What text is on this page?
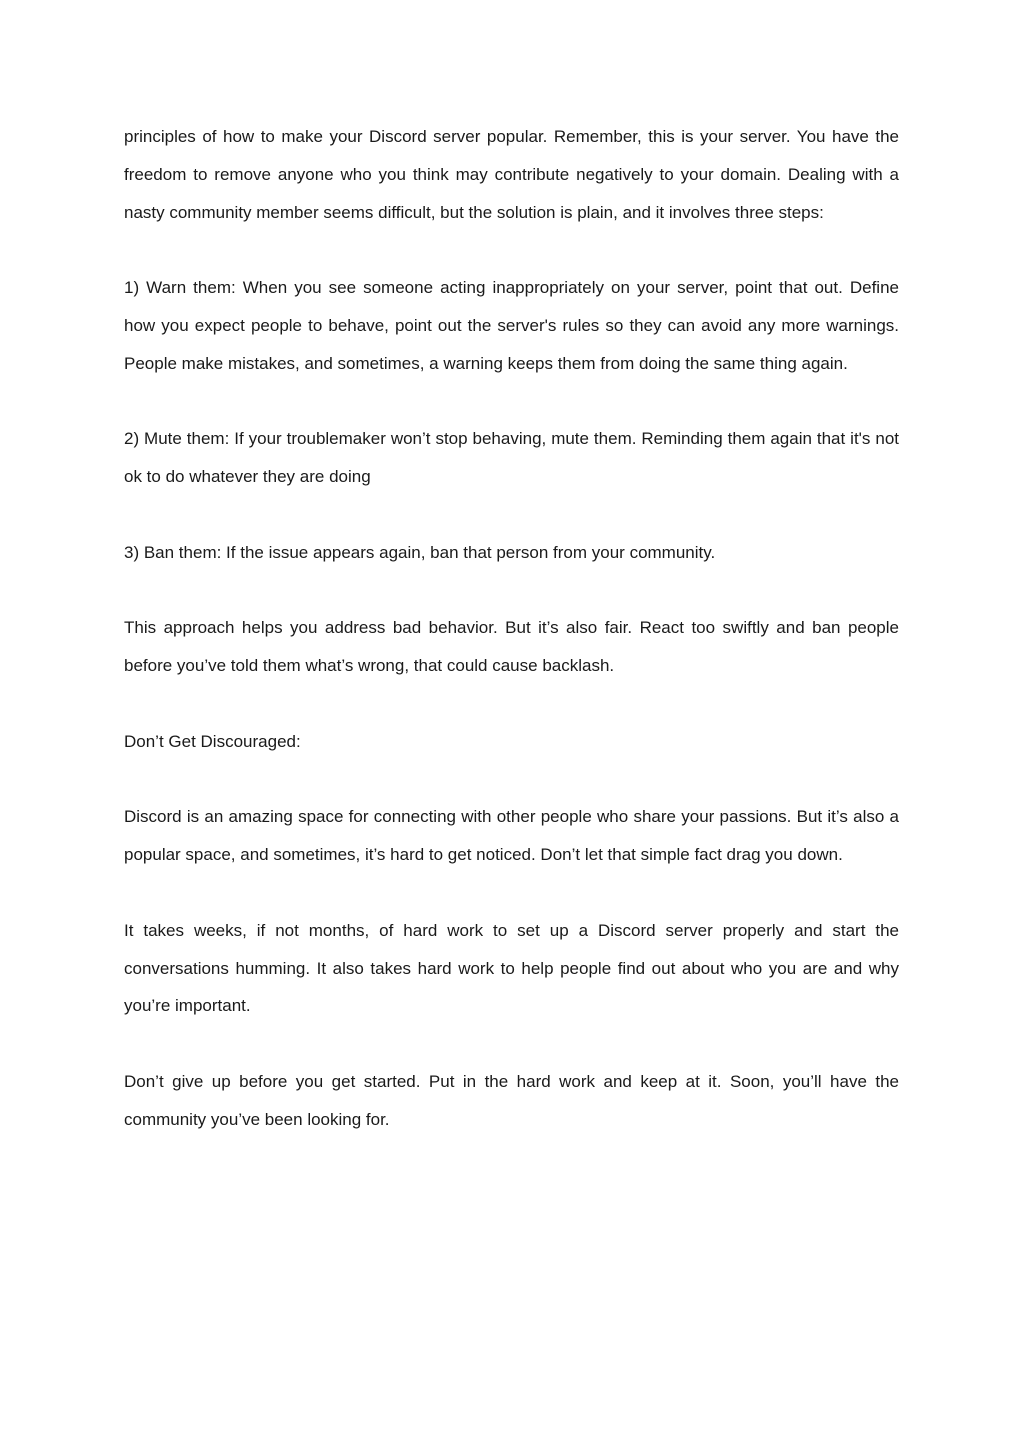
principles of how to make your Discord server popular. Remember, this is your server. You have the freedom to remove anyone who you think may contribute negatively to your domain. Dealing with a nasty community member seems difficult, but the solution is plain, and it involves three steps:

1) Warn them: When you see someone acting inappropriately on your server, point that out. Define how you expect people to behave, point out the server's rules so they can avoid any more warnings. People make mistakes, and sometimes, a warning keeps them from doing the same thing again.

2) Mute them: If your troublemaker won’t stop behaving, mute them. Reminding them again that it's not ok to do whatever they are doing

3) Ban them: If the issue appears again, ban that person from your community.

This approach helps you address bad behavior. But it’s also fair. React too swiftly and ban people before you’ve told them what’s wrong, that could cause backlash.

Don’t Get Discouraged:

Discord is an amazing space for connecting with other people who share your passions. But it’s also a popular space, and sometimes, it’s hard to get noticed. Don’t let that simple fact drag you down.

It takes weeks, if not months, of hard work to set up a Discord server properly and start the conversations humming. It also takes hard work to help people find out about who you are and why you’re important.

Don’t give up before you get started. Put in the hard work and keep at it. Soon, you’ll have the community you’ve been looking for.
